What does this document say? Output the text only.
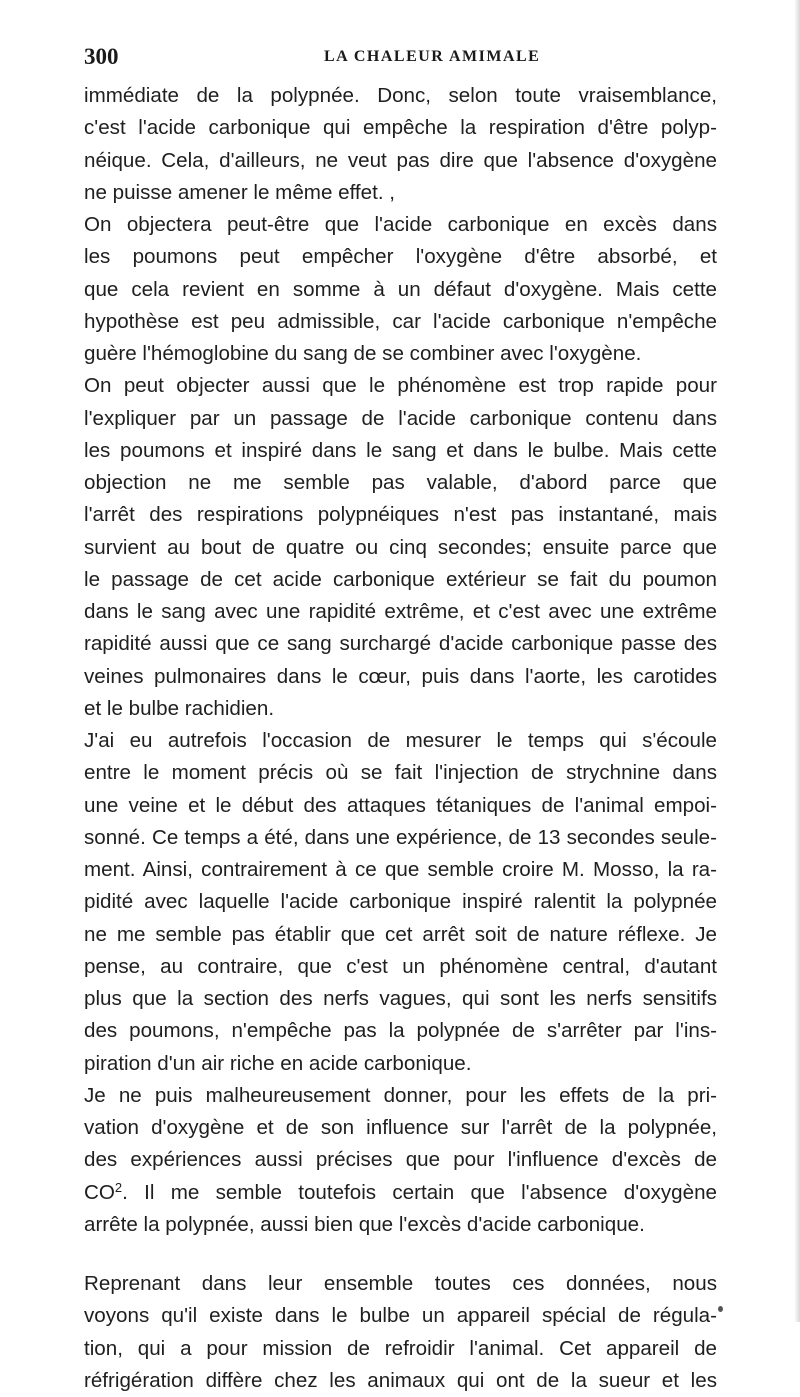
300	LA CHALEUR AMIMALE
immédiate de la polypnée. Donc, selon toute vraisemblance,
c'est l'acide carbonique qui empêche la respiration d'être polyp-
néique. Cela, d'ailleurs, ne veut pas dire que l'absence d'oxygène
ne puisse amener le même effet. ,
On objectera peut-être que l'acide carbonique en excès dans
les poumons peut empêcher l'oxygène d'être absorbé, et
que cela revient en somme à un défaut d'oxygène. Mais cette
hypothèse est peu admissible, car l'acide carbonique n'empêche
guère l'hémoglobine du sang de se combiner avec l'oxygène.
On peut objecter aussi que le phénomène est trop rapide pour
l'expliquer par un passage de l'acide carbonique contenu dans
les poumons et inspiré dans le sang et dans le bulbe. Mais cette
objection ne me semble pas valable, d'abord parce que
l'arrêt des respirations polypnéiques n'est pas instantané, mais
survient au bout de quatre ou cinq secondes; ensuite parce que
le passage de cet acide carbonique extérieur se fait du poumon
dans le sang avec une rapidité extrême, et c'est avec une extrême
rapidité aussi que ce sang surchargé d'acide carbonique passe des
veines pulmonaires dans le cœur, puis dans l'aorte, les carotides
et le bulbe rachidien.
J'ai eu autrefois l'occasion de mesurer le temps qui s'écoule
entre le moment précis où se fait l'injection de strychnine dans
une veine et le début des attaques tétaniques de l'animal empoi-
sonné. Ce temps a été, dans une expérience, de 13 secondes seule-
ment. Ainsi, contrairement à ce que semble croire M. Mosso, la ra-
pidité avec laquelle l'acide carbonique inspiré ralentit la polypnée
ne me semble pas établir que cet arrêt soit de nature réflexe. Je
pense, au contraire, que c'est un phénomène central, d'autant
plus que la section des nerfs vagues, qui sont les nerfs sensitifs
des poumons, n'empêche pas la polypnée de s'arrêter par l'ins-
piration d'un air riche en acide carbonique.
Je ne puis malheureusement donner, pour les effets de la pri-
vation d'oxygène et de son influence sur l'arrêt de la polypnée,
des expériences aussi précises que pour l'influence d'excès de
$CO^2$. Il me semble toutefois certain que l'absence d'oxygène
arrête la polypnée, aussi bien que l'excès d'acide carbonique.
Reprenant dans leur ensemble toutes ces données, nous
voyons qu'il existe dans le bulbe un appareil spécial de régula-
tion, qui a pour mission de refroidir l'animal. Cet appareil de
réfrigération diffère chez les animaux qui ont de la sueur et les
